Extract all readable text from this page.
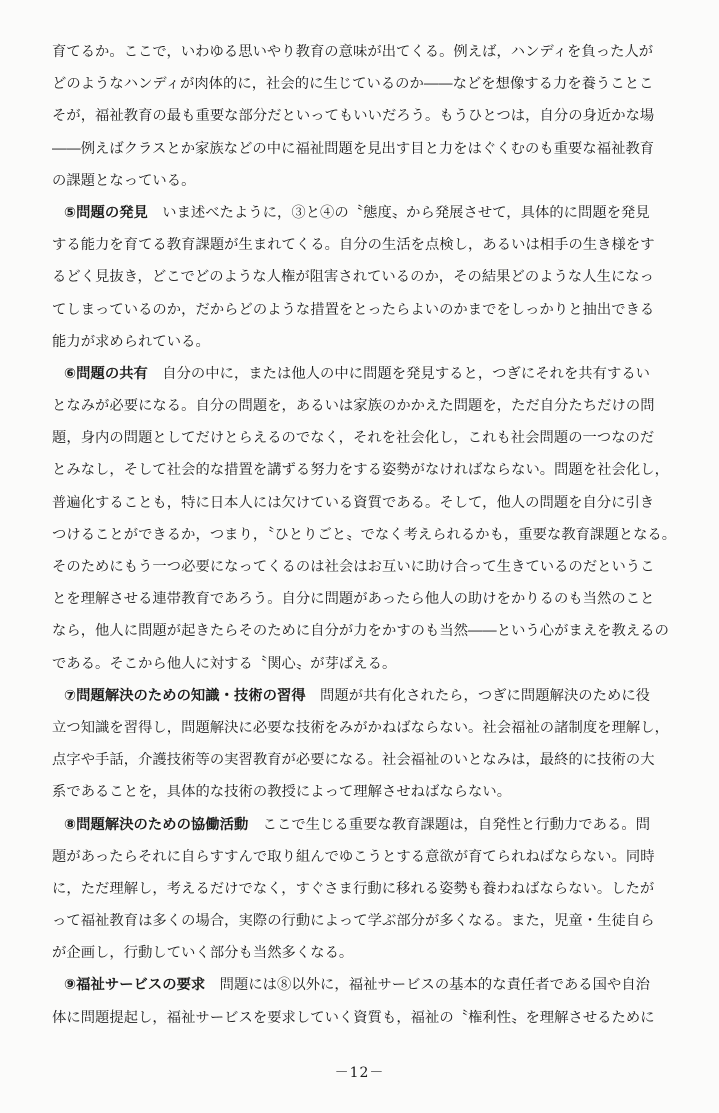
育てるか。ここで，いわゆる思いやり教育の意味が出てくる。例えば，ハンディを負った人が
どのようなハンディが肉体的に，社会的に生じているのか――などを想像する力を養うことこ
そが，福祉教育の最も重要な部分だといってもいいだろう。もうひとつは，自分の身近かな場
――例えばクラスとか家族などの中に福祉問題を見出す目と力をはぐくむのも重要な福祉教育
の課題となっている。
⑤問題の発見　いま述べたように，③と④の〝態度〟から発展させて，具体的に問題を発見
する能力を育てる教育課題が生まれてくる。自分の生活を点検し，あるいは相手の生き様をす
るどく見抜き，どこでどのような人権が阻害されているのか，その結果どのような人生になっ
てしまっているのか，だからどのような措置をとったらよいのかまでをしっかりと抽出できる
能力が求められている。
⑥問題の共有　自分の中に，または他人の中に問題を発見すると，つぎにそれを共有するい
となみが必要になる。自分の問題を，あるいは家族のかかえた問題を，ただ自分たちだけの問
題，身内の問題としてだけとらえるのでなく，それを社会化し，これも社会問題の一つなのだ
とみなし，そして社会的な措置を講ずる努力をする姿勢がなければならない。問題を社会化し，
普遍化することも，特に日本人には欠けている資質である。そして，他人の問題を自分に引き
つけることができるか，つまり，〝ひとりごと〟でなく考えられるかも，重要な教育課題となる。
そのためにもう一つ必要になってくるのは社会はお互いに助け合って生きているのだというこ
とを理解させる連帯教育であろう。自分に問題があったら他人の助けをかりるのも当然のこと
なら，他人に問題が起きたらそのために自分が力をかすのも当然――という心がまえを教えるの
である。そこから他人に対する〝関心〟が芽ばえる。
⑦問題解決のための知識・技術の習得　問題が共有化されたら，つぎに問題解決のために役
立つ知識を習得し，問題解決に必要な技術をみがかねばならない。社会福祉の諸制度を理解し，
点字や手話，介護技術等の実習教育が必要になる。社会福祉のいとなみは，最終的に技術の大
系であることを，具体的な技術の教授によって理解させねばならない。
⑧問題解決のための協働活動　ここで生じる重要な教育課題は，自発性と行動力である。問
題があったらそれに自らすすんで取り組んでゆこうとする意欲が育てられねばならない。同時
に，ただ理解し，考えるだけでなく，すぐさま行動に移れる姿勢も養わねばならない。したが
って福祉教育は多くの場合，実際の行動によって学ぶ部分が多くなる。また，児童・生徒自ら
が企画し，行動していく部分も当然多くなる。
⑨福祉サービスの要求　問題には⑧以外に，福祉サービスの基本的な責任者である国や自治
体に問題提起し，福祉サービスを要求していく資質も，福祉の〝権利性〟を理解させるために
－12－
